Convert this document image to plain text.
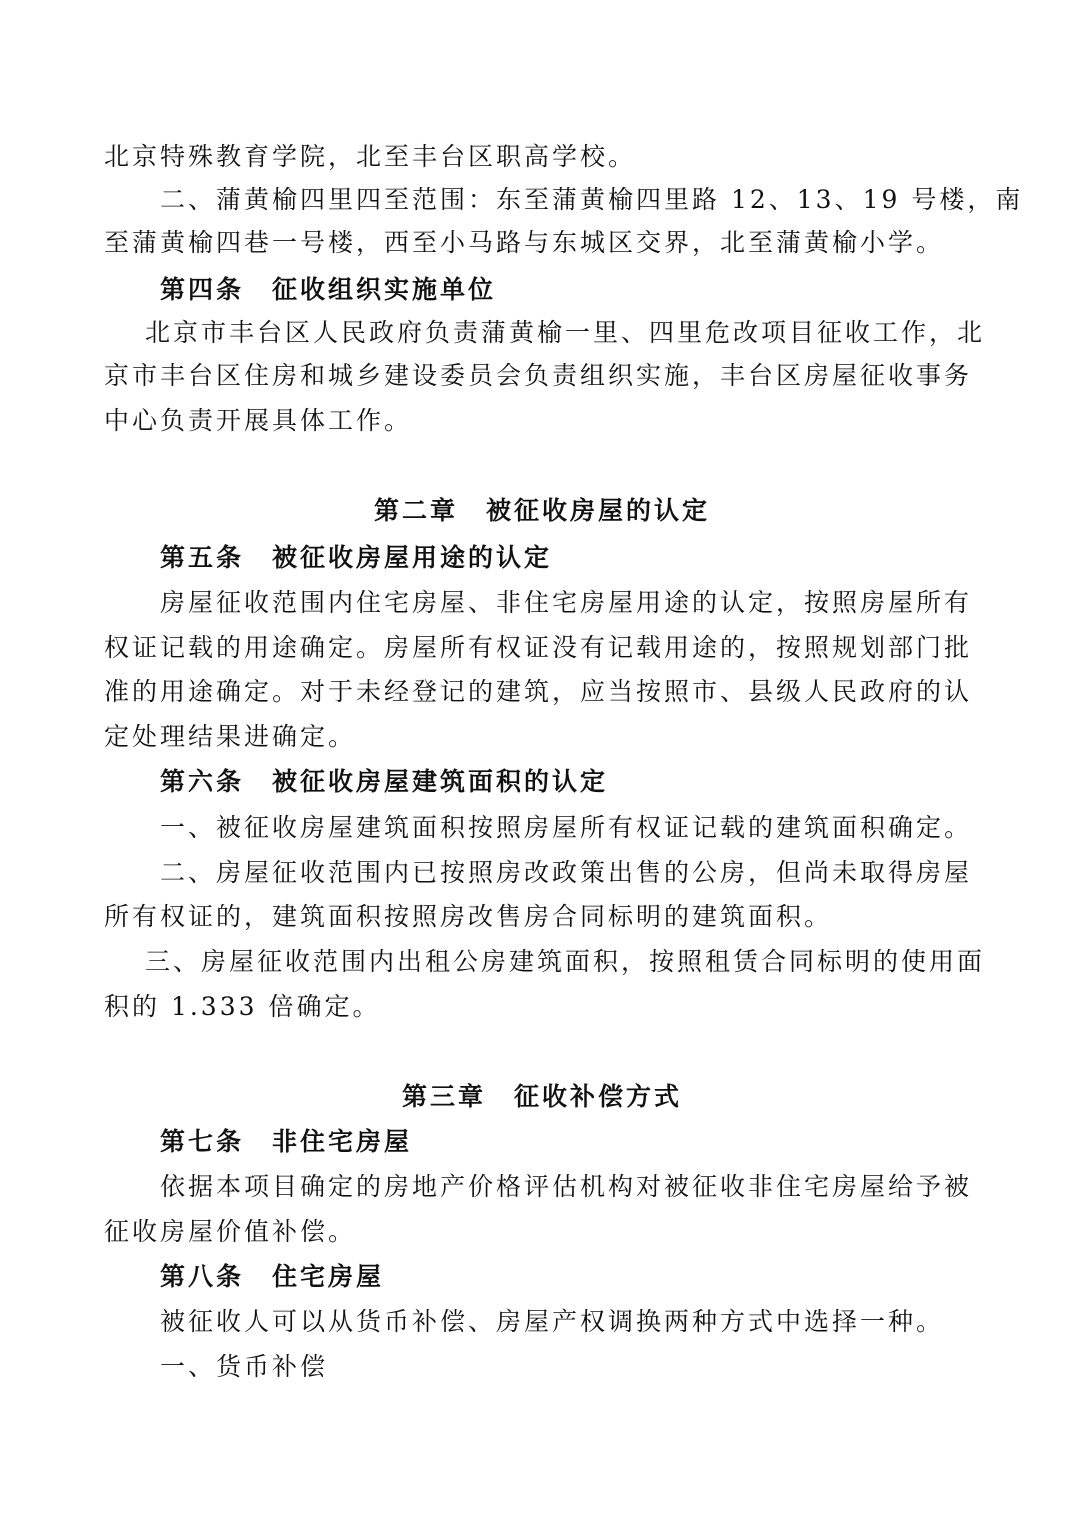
北京特殊教育学院，北至丰台区职高学校。
二、蒲黄榆四里四至范围：东至蒲黄榆四里路 12、13、19 号楼，南
至蒲黄榆四巷一号楼，西至小马路与东城区交界，北至蒲黄榆小学。
第四条 征收组织实施单位
北京市丰台区人民政府负责蒲黄榆一里、四里危改项目征收工作，北
京市丰台区住房和城乡建设委员会负责组织实施，丰台区房屋征收事务
中心负责开展具体工作。
第二章 被征收房屋的认定
第五条 被征收房屋用途的认定
房屋征收范围内住宅房屋、非住宅房屋用途的认定，按照房屋所有
权证记载的用途确定。房屋所有权证没有记载用途的，按照规划部门批
准的用途确定。对于未经登记的建筑，应当按照市、县级人民政府的认
定处理结果进确定。
第六条 被征收房屋建筑面积的认定
一、被征收房屋建筑面积按照房屋所有权证记载的建筑面积确定。
二、房屋征收范围内已按照房改政策出售的公房，但尚未取得房屋
所有权证的，建筑面积按照房改售房合同标明的建筑面积。
三、房屋征收范围内出租公房建筑面积，按照租赁合同标明的使用面
积的 1.333 倍确定。
第三章 征收补偿方式
第七条 非住宅房屋
依据本项目确定的房地产价格评估机构对被征收非住宅房屋给予被
征收房屋价值补偿。
第八条 住宅房屋
被征收人可以从货币补偿、房屋产权调换两种方式中选择一种。
一、货币补偿
